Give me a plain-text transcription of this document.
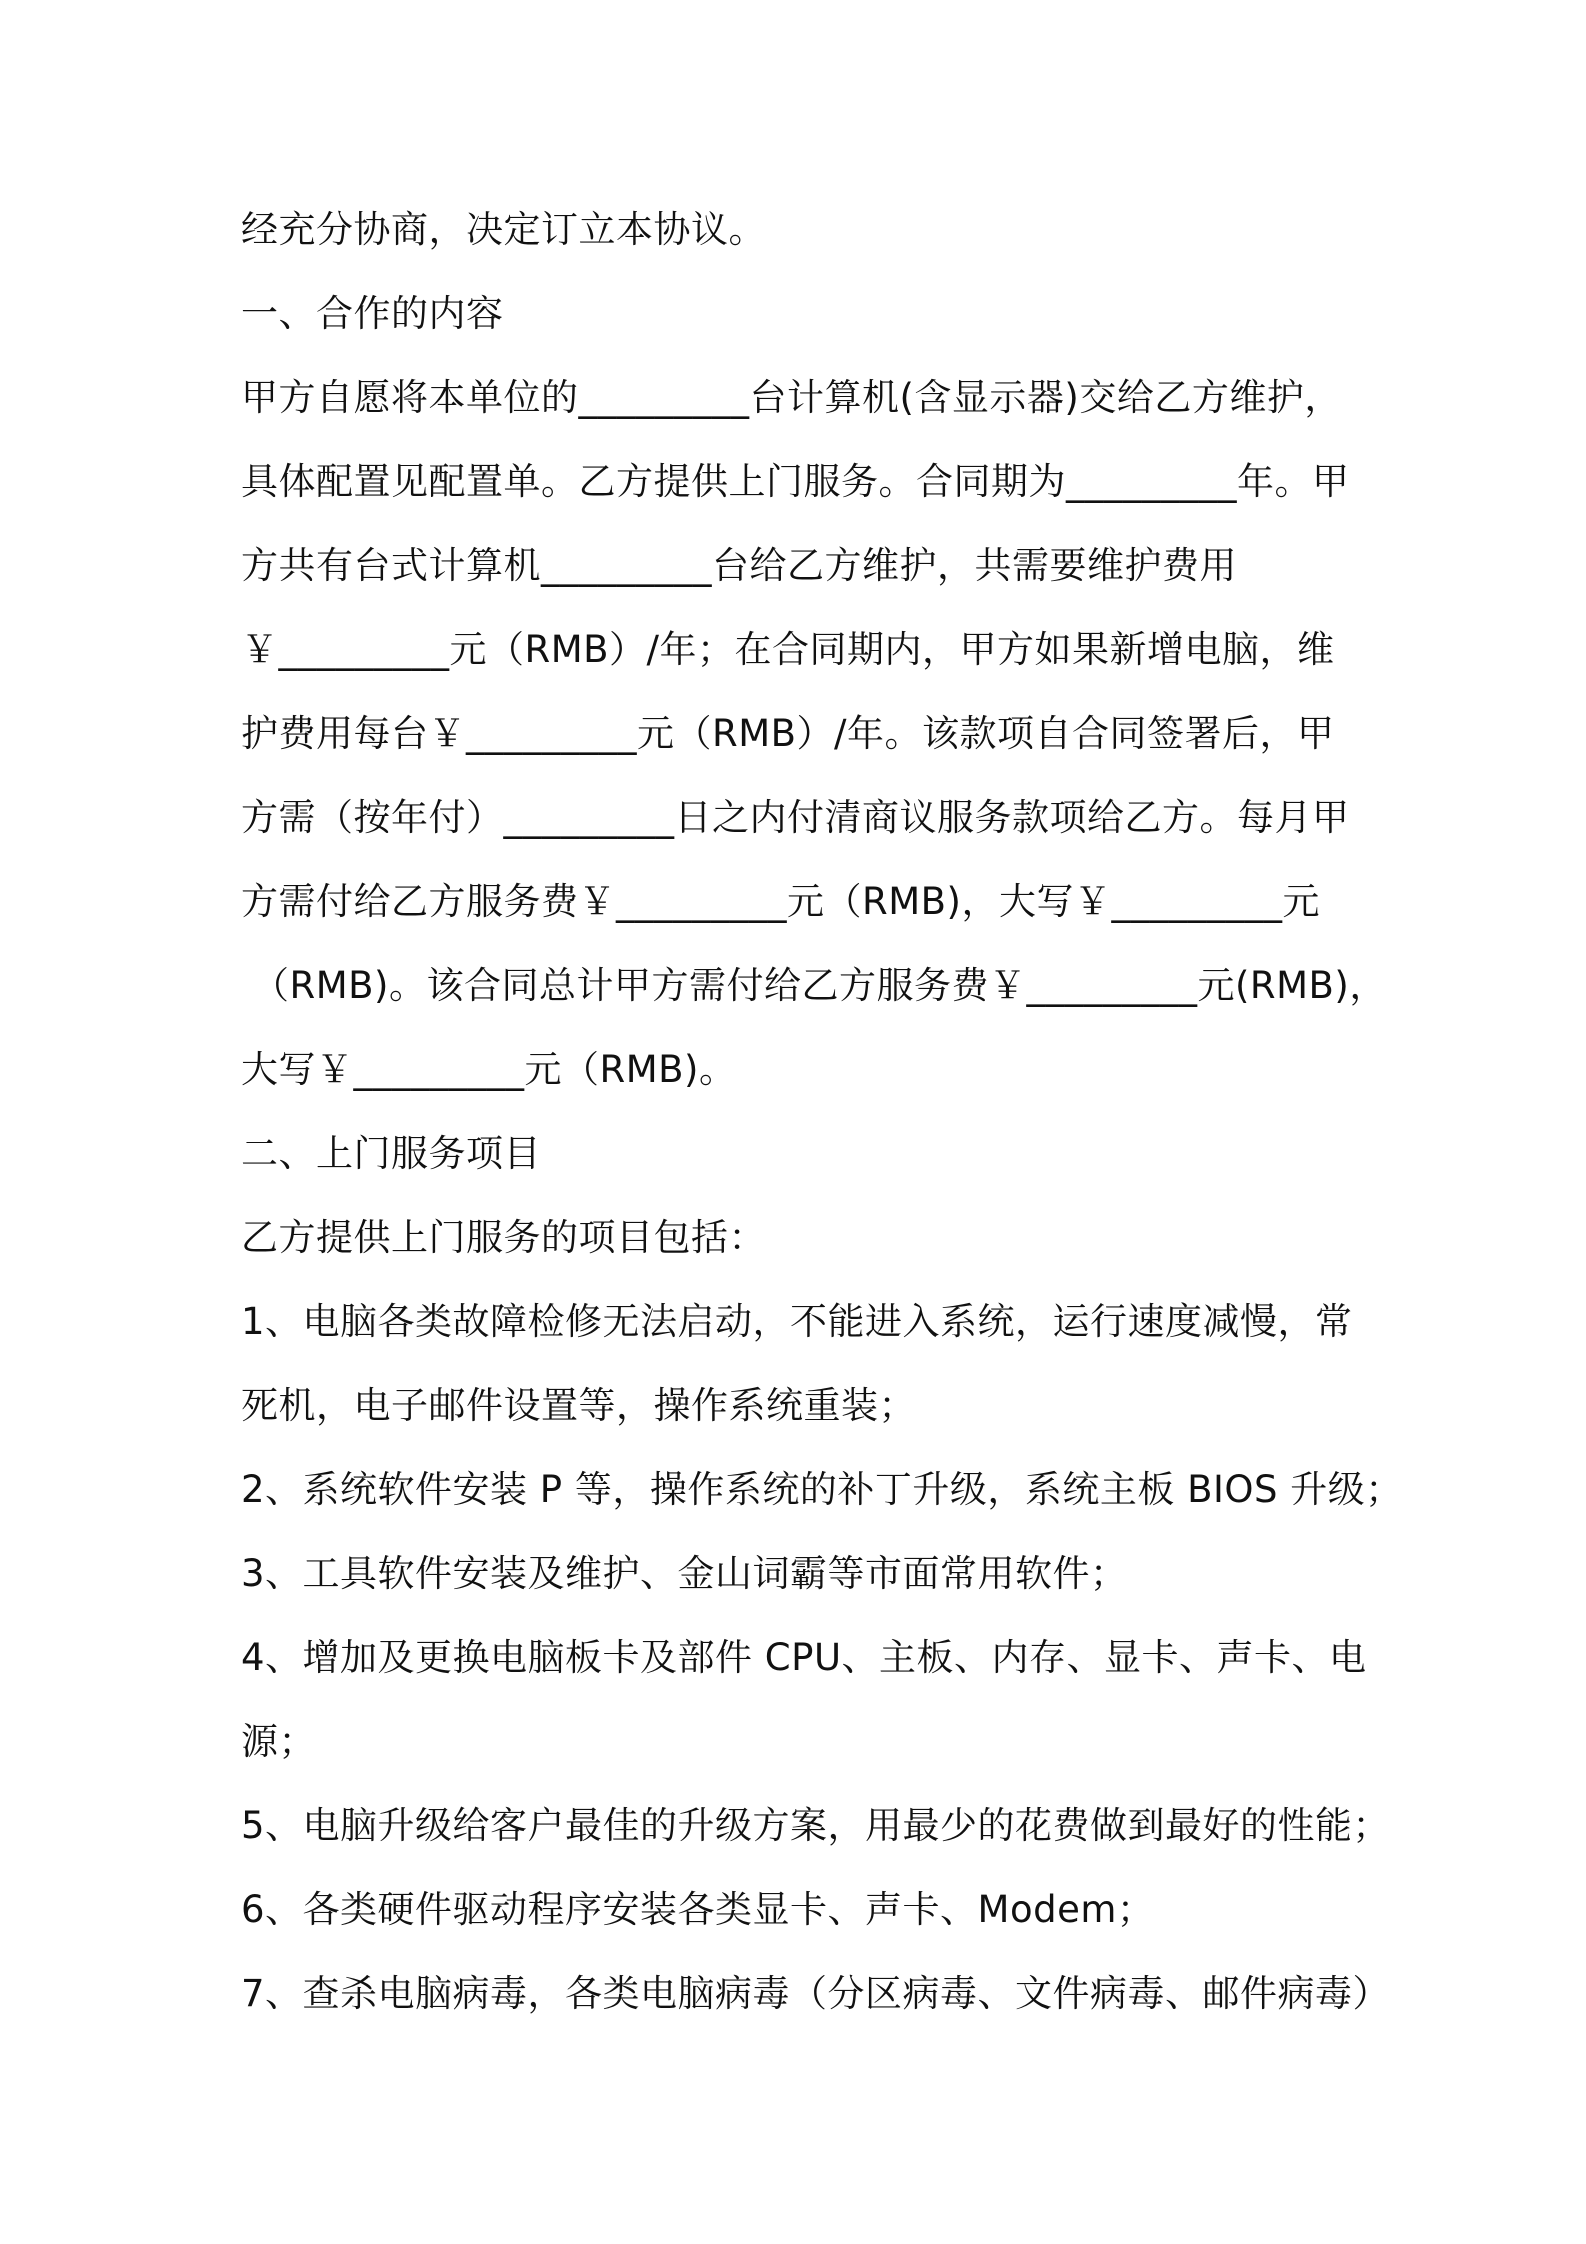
经充分协商，决定订立本协议。
一、合作的内容
甲方自愿将本单位的_________台计算机(含显示器)交给乙方维护，
具体配置见配置单。乙方提供上门服务。合同期为_________年。甲
方共有台式计算机_________台给乙方维护，共需要维护费用
￥_________元（RMB）/年；在合同期内，甲方如果新增电脑，维
护费用每台￥_________元（RMB）/年。该款项自合同签署后，甲
方需（按年付）_________日之内付清商议服务款项给乙方。每月甲
方需付给乙方服务费￥_________元（RMB)，大写￥_________元
（RMB)。该合同总计甲方需付给乙方服务费￥_________元(RMB)，
大写￥_________元（RMB)。
二、上门服务项目
乙方提供上门服务的项目包括：
1、电脑各类故障检修无法启动，不能进入系统，运行速度减慢，常
死机，电子邮件设置等，操作系统重装；
2、系统软件安装 P 等，操作系统的补丁升级，系统主板 BIOS 升级；
3、工具软件安装及维护、金山词霸等市面常用软件；
4、增加及更换电脑板卡及部件 CPU、主板、内存、显卡、声卡、电
源；
5、电脑升级给客户最佳的升级方案，用最少的花费做到最好的性能；
6、各类硬件驱动程序安装各类显卡、声卡、Modem；
7、查杀电脑病毒，各类电脑病毒（分区病毒、文件病毒、邮件病毒）
